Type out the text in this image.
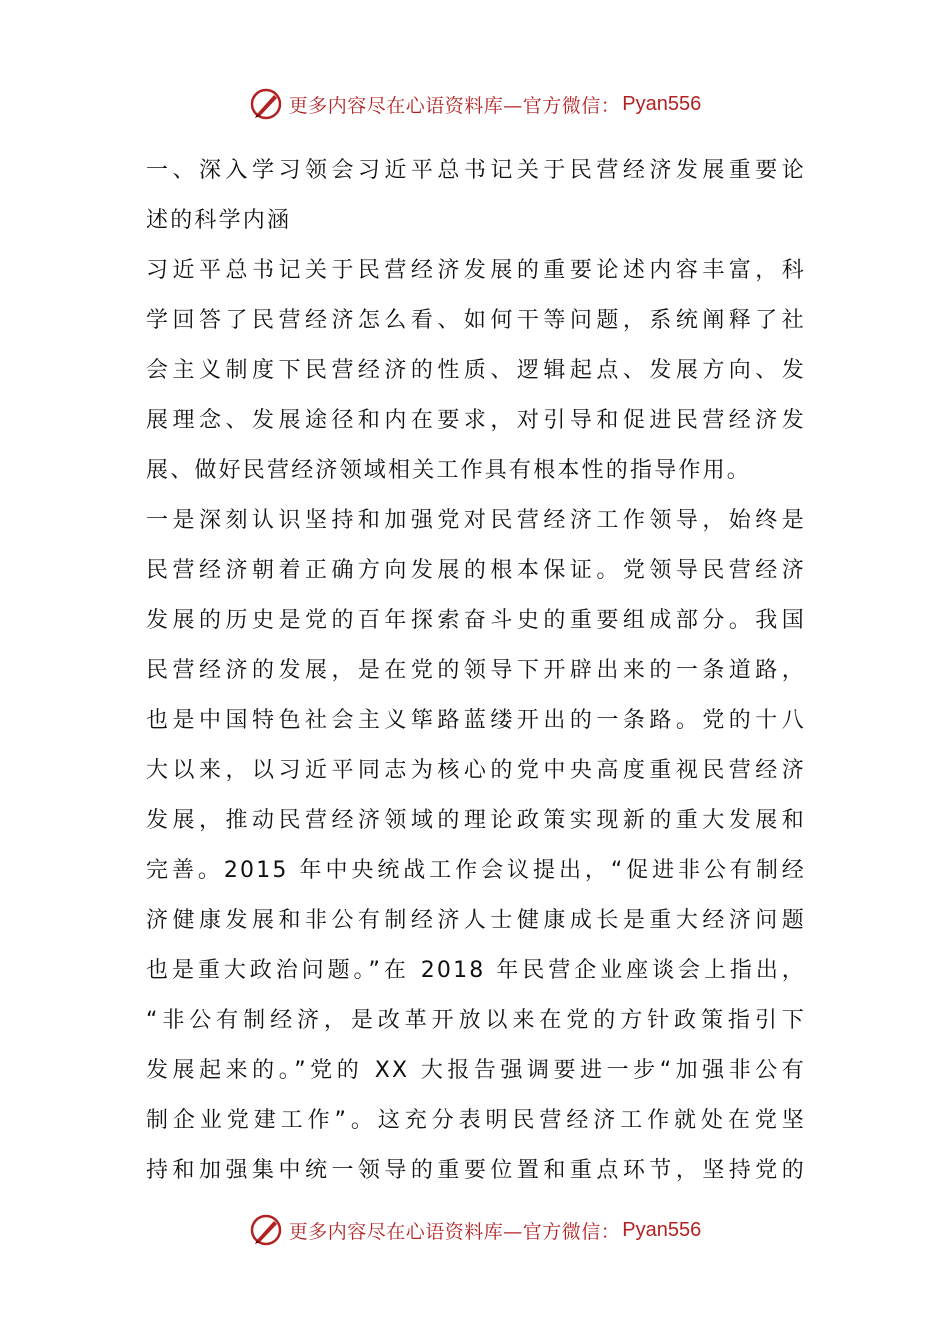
更多内容尽在心语资料库—官方微信： Pyan556
一、深入学习领会习近平总书记关于民营经济发展重要论
述的科学内涵
习近平总书记关于民营经济发展的重要论述内容丰富，科
学回答了民营经济怎么看、如何干等问题，系统阐释了社
会主义制度下民营经济的性质、逻辑起点、发展方向、发
展理念、发展途径和内在要求，对引导和促进民营经济发
展、做好民营经济领域相关工作具有根本性的指导作用。
一是深刻认识坚持和加强党对民营经济工作领导，始终是
民营经济朝着正确方向发展的根本保证。党领导民营经济
发展的历史是党的百年探索奋斗史的重要组成部分。我国
民营经济的发展，是在党的领导下开辟出来的一条道路，
也是中国特色社会主义筚路蓝缕开出的一条路。党的十八
大以来，以习近平同志为核心的党中央高度重视民营经济
发展，推动民营经济领域的理论政策实现新的重大发展和
完善。2015 年中央统战工作会议提出，“促进非公有制经
济健康发展和非公有制经济人士健康成长是重大经济问题
也是重大政治问题。”在 2018 年民营企业座谈会上指出，
“非公有制经济，是改革开放以来在党的方针政策指引下
发展起来的。”党的 XX 大报告强调要进一步“加强非公有
制企业党建工作”。这充分表明民营经济工作就处在党坚
持和加强集中统一领导的重要位置和重点环节，坚持党的
更多内容尽在心语资料库—官方微信： Pyan556
